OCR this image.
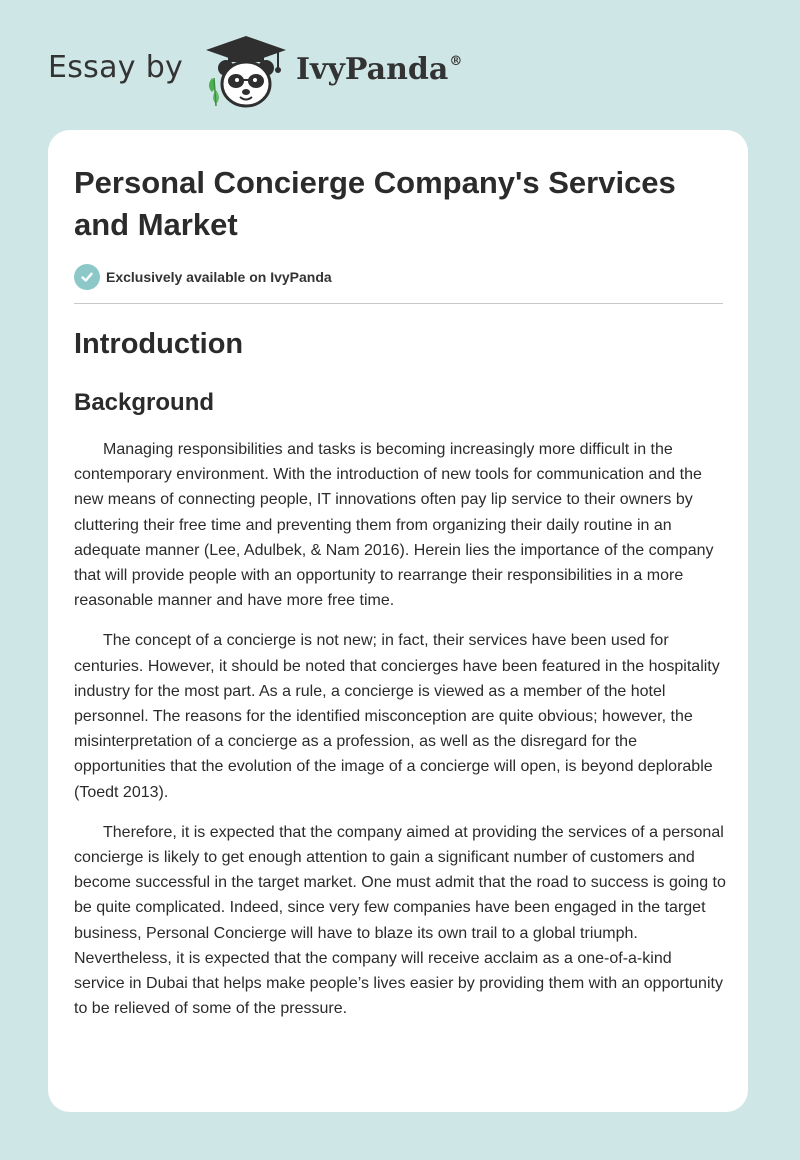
Essay by	IvyPanda®
Personal Concierge Company's Services and Market
Exclusively available on IvyPanda
Introduction
Background

Managing responsibilities and tasks is becoming increasingly more difficult in the contemporary environment. With the introduction of new tools for communication and the new means of connecting people, IT innovations often pay lip service to their owners by cluttering their free time and preventing them from organizing their daily routine in an adequate manner (Lee, Adulbek, & Nam 2016). Herein lies the importance of the company that will provide people with an opportunity to rearrange their responsibilities in a more reasonable manner and have more free time.

The concept of a concierge is not new; in fact, their services have been used for centuries. However, it should be noted that concierges have been featured in the hospitality industry for the most part. As a rule, a concierge is viewed as a member of the hotel personnel. The reasons for the identified misconception are quite obvious; however, the misinterpretation of a concierge as a profession, as well as the disregard for the opportunities that the evolution of the image of a concierge will open, is beyond deplorable (Toedt 2013).

Therefore, it is expected that the company aimed at providing the services of a personal concierge is likely to get enough attention to gain a significant number of customers and become successful in the target market. One must admit that the road to success is going to be quite complicated. Indeed, since very few companies have been engaged in the target business, Personal Concierge will have to blaze its own trail to a global triumph. Nevertheless, it is expected that the company will receive acclaim as a one-of-a-kind service in Dubai that helps make people’s lives easier by providing them with an opportunity to be relieved of some of the pressure.
